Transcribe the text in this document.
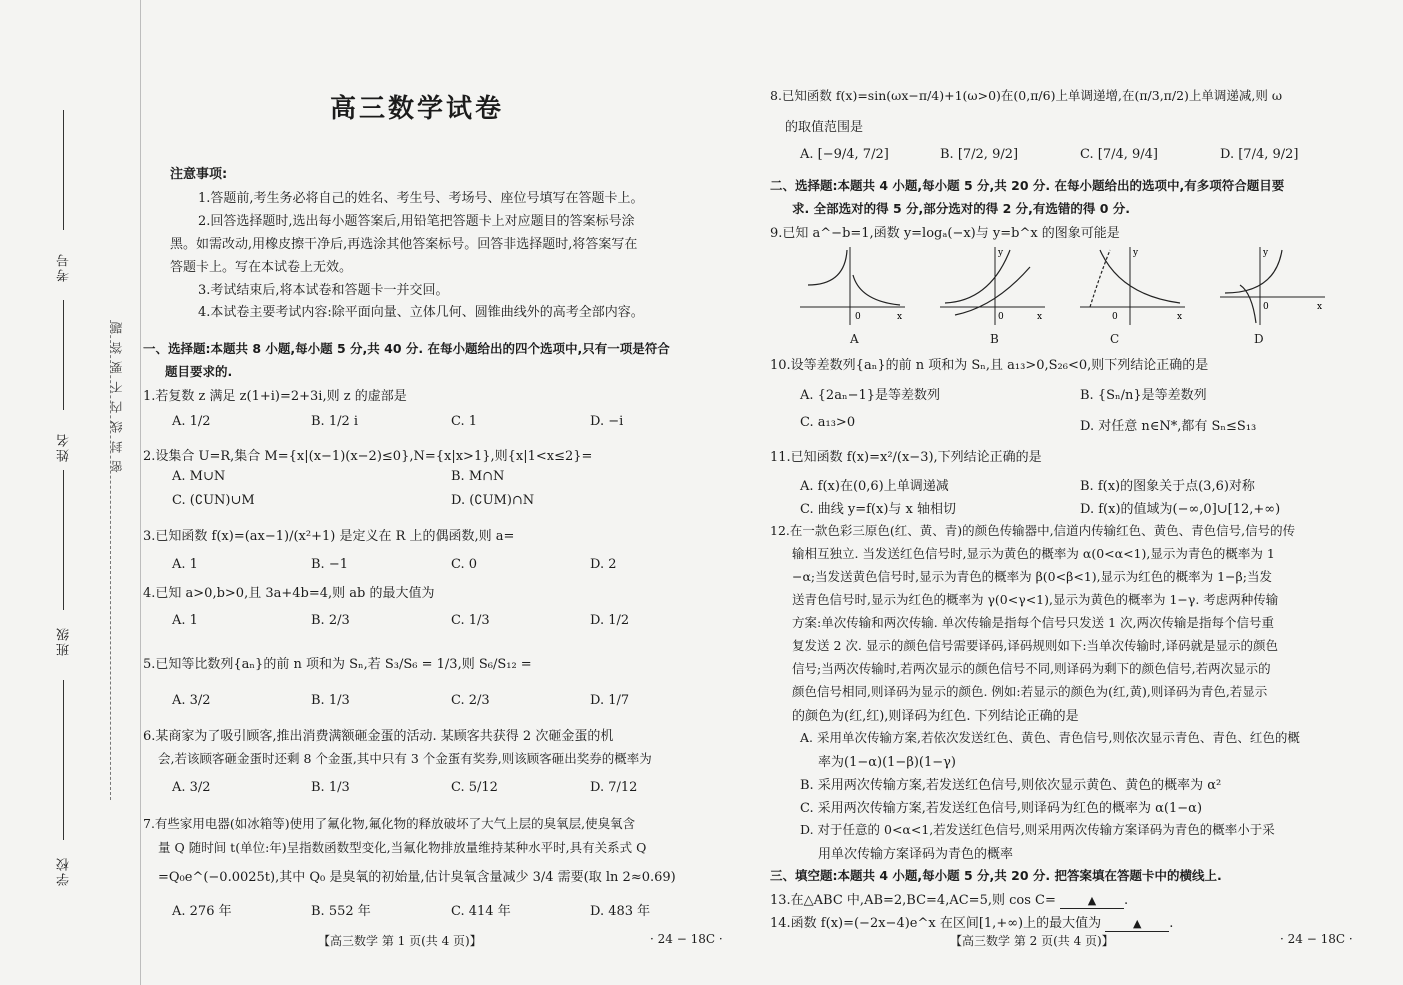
考号
姓名
班级
学校
密 封 线 内 不 要 答 题
高三数学试卷
注意事项:
1.答题前,考生务必将自己的姓名、考生号、考场号、座位号填写在答题卡上。
2.回答选择题时,选出每小题答案后,用铅笔把答题卡上对应题目的答案标号涂
黑。如需改动,用橡皮擦干净后,再选涂其他答案标号。回答非选择题时,将答案写在
答题卡上。写在本试卷上无效。
3.考试结束后,将本试卷和答题卡一并交回。
4.本试卷主要考试内容:除平面向量、立体几何、圆锥曲线外的高考全部内容。
一、选择题:本题共 8 小题,每小题 5 分,共 40 分. 在每小题给出的四个选项中,只有一项是符合
题目要求的.
1.若复数 z 满足 z(1+i)=2+3i,则 z 的虚部是
A. 1/2	B. 1/2 i	C. 1	D. −i
2.设集合 U=R,集合 M={x|(x−1)(x−2)≤0},N={x|x>1},则{x|1<x≤2}=
A. M∪N	B. M∩N
C. (∁UN)∪M	D. (∁UM)∩N
3.已知函数 f(x)=(ax−1)/(x²+1) 是定义在 R 上的偶函数,则 a=
A. 1	B. −1	C. 0	D. 2
4.已知 a>0,b>0,且 3a+4b=4,则 ab 的最大值为
A. 1	B. 2/3	C. 1/3	D. 1/2
5.已知等比数列{aₙ}的前 n 项和为 Sₙ,若 S₃/S₆ = 1/3,则 S₆/S₁₂ =
A. 3/2	B. 1/3	C. 2/3	D. 1/7
6.某商家为了吸引顾客,推出消费满额砸金蛋的活动. 某顾客共获得 2 次砸金蛋的机
会,若该顾客砸金蛋时还剩 8 个金蛋,其中只有 3 个金蛋有奖券,则该顾客砸出奖券的概率为
A. 3/2	B. 1/3	C. 5/12	D. 7/12
7.有些家用电器(如冰箱等)使用了氟化物,氟化物的释放破坏了大气上层的臭氧层,使臭氧含
量 Q 随时间 t(单位:年)呈指数函数型变化,当氟化物排放量维持某种水平时,具有关系式 Q
=Q₀e^(−0.0025t),其中 Q₀ 是臭氧的初始量,估计臭氧含量减少 3/4 需要(取 ln 2≈0.69)
A. 276 年	B. 552 年	C. 414 年	D. 483 年
【高三数学 第 1 页(共 4 页)】	· 24 − 18C ·
8.已知函数 f(x)=sin(ωx−π/4)+1(ω>0)在(0,π/6)上单调递增,在(π/3,π/2)上单调递减,则 ω
的取值范围是
A. [−9/4, 7/2]	B. [7/2, 9/2]	C. [7/4, 9/4]	D. [7/4, 9/2]
二、选择题:本题共 4 小题,每小题 5 分,共 20 分. 在每小题给出的选项中,有多项符合题目要
求. 全部选对的得 5 分,部分选对的得 2 分,有选错的得 0 分.
9.已知 a^−b=1,函数 y=logₐ(−x)与 y=b^x 的图象可能是
0	x	0	x
y
0	x
y
0	x
y
A	B	C	D
10.设等差数列{aₙ}的前 n 项和为 Sₙ,且 a₁₃>0,S₂₆<0,则下列结论正确的是
A. {2aₙ−1}是等差数列	B. {Sₙ/n}是等差数列
C. a₁₃>0	D. 对任意 n∈N*,都有 Sₙ≤S₁₃
11.已知函数 f(x)=x²/(x−3),下列结论正确的是
A. f(x)在(0,6)上单调递减	B. f(x)的图象关于点(3,6)对称
C. 曲线 y=f(x)与 x 轴相切	D. f(x)的值域为(−∞,0]∪[12,+∞)
12.在一款色彩三原色(红、黄、青)的颜色传输器中,信道内传输红色、黄色、青色信号,信号的传
输相互独立. 当发送红色信号时,显示为黄色的概率为 α(0<α<1),显示为青色的概率为 1
−α;当发送黄色信号时,显示为青色的概率为 β(0<β<1),显示为红色的概率为 1−β;当发
送青色信号时,显示为红色的概率为 γ(0<γ<1),显示为黄色的概率为 1−γ. 考虑两种传输
方案:单次传输和两次传输. 单次传输是指每个信号只发送 1 次,两次传输是指每个信号重
复发送 2 次. 显示的颜色信号需要译码,译码规则如下:当单次传输时,译码就是显示的颜色
信号;当两次传输时,若两次显示的颜色信号不同,则译码为剩下的颜色信号,若两次显示的
颜色信号相同,则译码为显示的颜色. 例如:若显示的颜色为(红,黄),则译码为青色,若显示
的颜色为(红,红),则译码为红色. 下列结论正确的是
A. 采用单次传输方案,若依次发送红色、黄色、青色信号,则依次显示青色、青色、红色的概
率为(1−α)(1−β)(1−γ)
B. 采用两次传输方案,若发送红色信号,则依次显示黄色、黄色的概率为 α²
C. 采用两次传输方案,若发送红色信号,则译码为红色的概率为 α(1−α)
D. 对于任意的 0<α<1,若发送红色信号,则采用两次传输方案译码为青色的概率小于采
用单次传输方案译码为青色的概率
三、填空题:本题共 4 小题,每小题 5 分,共 20 分. 把答案填在答题卡中的横线上.
13.在△ABC 中,AB=2,BC=4,AC=5,则 cos C=	▲ .
14.函数 f(x)=(−2x−4)e^x 在区间[1,+∞)上的最大值为	▲ .
【高三数学 第 2 页(共 4 页)】	· 24 − 18C ·
